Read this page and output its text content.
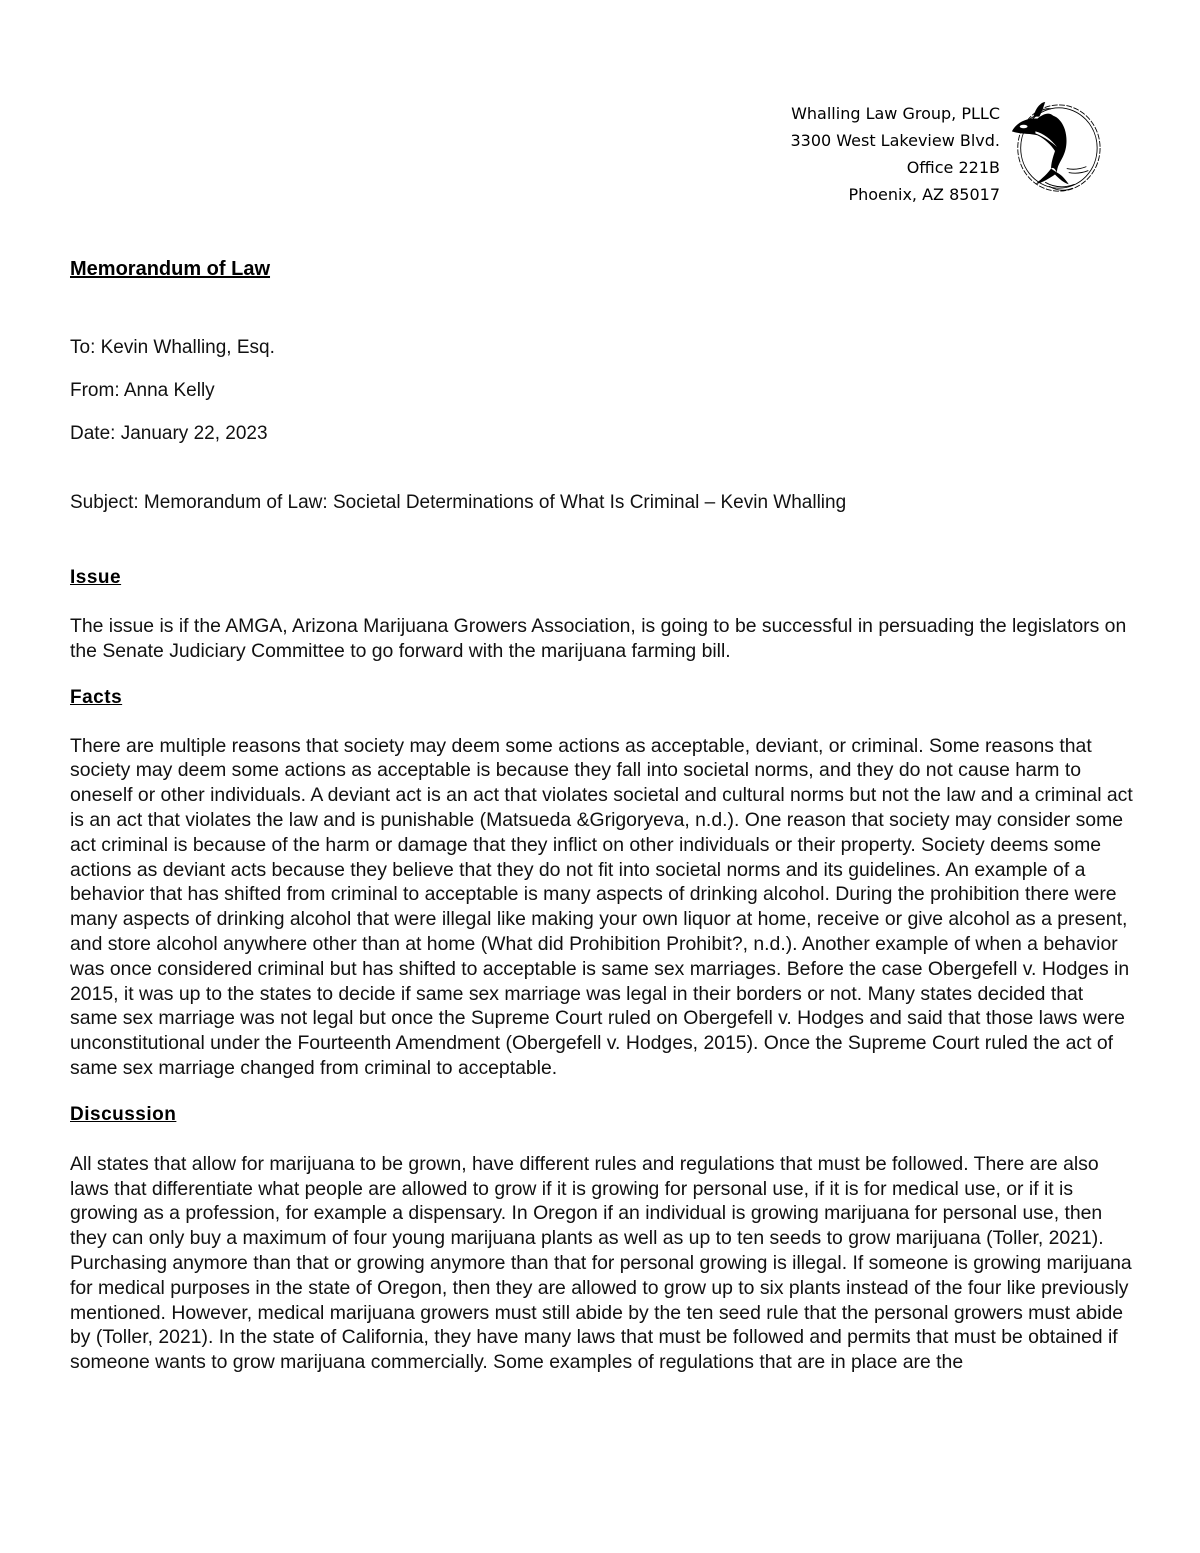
Whalling Law Group, PLLC
3300 West Lakeview Blvd.
Office 221B
Phoenix, AZ 85017
Memorandum of Law

To: Kevin Whalling, Esq.

From: Anna Kelly

Date: January 22, 2023

Subject: Memorandum of Law: Societal Determinations of What Is Criminal – Kevin Whalling

Issue

The issue is if the AMGA, Arizona Marijuana Growers Association, is going to be successful in persuading the legislators on the Senate Judiciary Committee to go forward with the marijuana farming bill.

Facts

There are multiple reasons that society may deem some actions as acceptable, deviant, or criminal. Some reasons that society may deem some actions as acceptable is because they fall into societal norms, and they do not cause harm to oneself or other individuals. A deviant act is an act that violates societal and cultural norms but not the law and a criminal act is an act that violates the law and is punishable (Matsueda &Grigoryeva, n.d.). One reason that society may consider some act criminal is because of the harm or damage that they inflict on other individuals or their property. Society deems some actions as deviant acts because they believe that they do not fit into societal norms and its guidelines. An example of a behavior that has shifted from criminal to acceptable is many aspects of drinking alcohol. During the prohibition there were many aspects of drinking alcohol that were illegal like making your own liquor at home, receive or give alcohol as a present, and store alcohol anywhere other than at home (What did Prohibition Prohibit?, n.d.). Another example of when a behavior was once considered criminal but has shifted to acceptable is same sex marriages. Before the case Obergefell v. Hodges in 2015, it was up to the states to decide if same sex marriage was legal in their borders or not. Many states decided that same sex marriage was not legal but once the Supreme Court ruled on Obergefell v. Hodges and said that those laws were unconstitutional under the Fourteenth Amendment (Obergefell v. Hodges, 2015). Once the Supreme Court ruled the act of same sex marriage changed from criminal to acceptable.

Discussion

All states that allow for marijuana to be grown, have different rules and regulations that must be followed. There are also laws that differentiate what people are allowed to grow if it is growing for personal use, if it is for medical use, or if it is growing as a profession, for example a dispensary. In Oregon if an individual is growing marijuana for personal use, then they can only buy a maximum of four young marijuana plants as well as up to ten seeds to grow marijuana (Toller, 2021). Purchasing anymore than that or growing anymore than that for personal growing is illegal. If someone is growing marijuana for medical purposes in the state of Oregon, then they are allowed to grow up to six plants instead of the four like previously mentioned. However, medical marijuana growers must still abide by the ten seed rule that the personal growers must abide by (Toller, 2021). In the state of California, they have many laws that must be followed and permits that must be obtained if someone wants to grow marijuana commercially. Some examples of regulations that are in place are the
